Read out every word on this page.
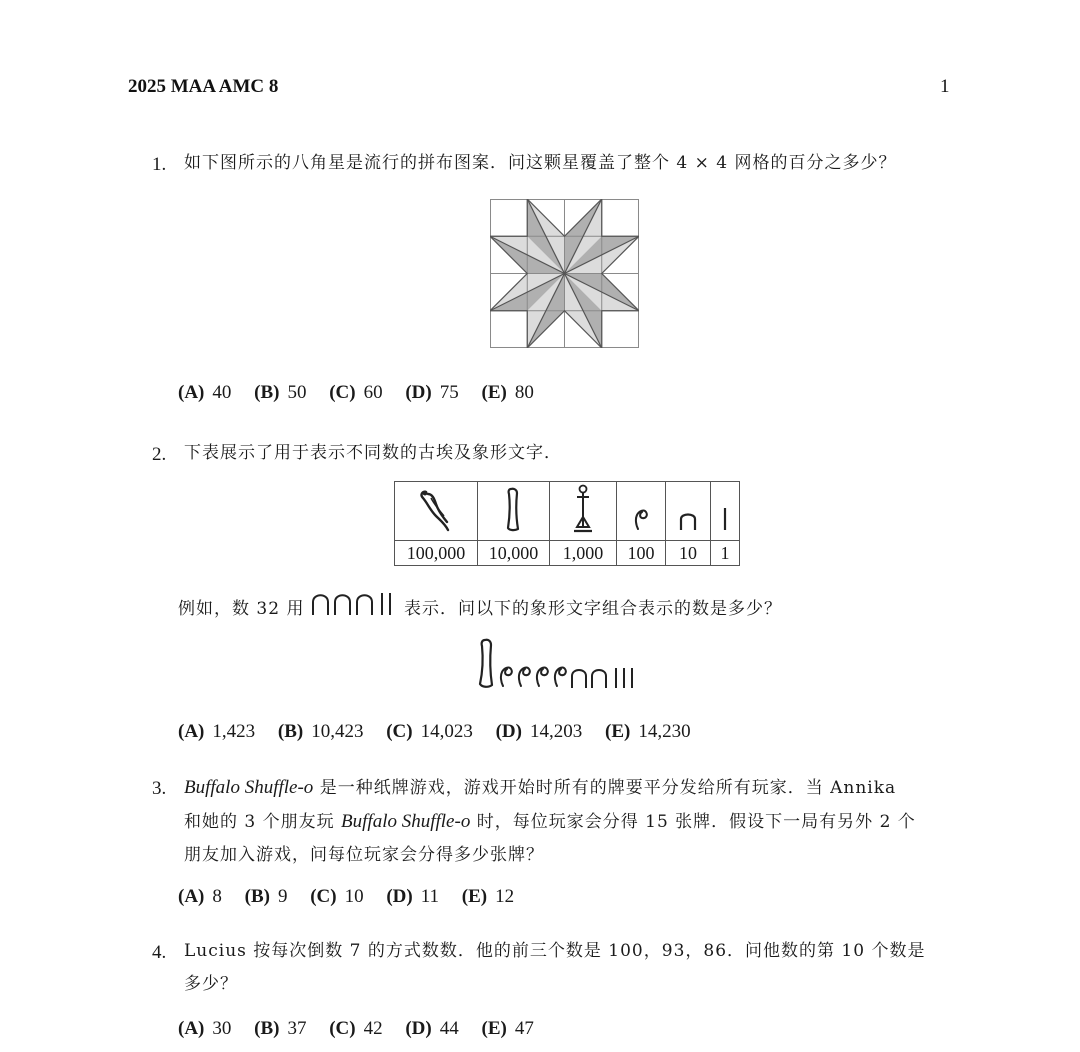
2025 MAA AMC 8	1
1. 如下图所示的八角星是流行的拼布图案．问这颗星覆盖了整个 4 × 4 网格的百分之多少？
(A) 40 (B) 50 (C) 60 (D) 75 (E) 80
2. 下表展示了用于表示不同数的古埃及象形文字．

100,000	10,000	1,000	100	10	1
例如，数 32 用	表示．问以下的象形文字组合表示的数是多少？
(A) 1,423 (B) 10,423 (C) 14,023 (D) 14,203 (E) 14,230
3. Buffalo Shuffle-o 是一种纸牌游戏，游戏开始时所有的牌要平分发给所有玩家．当 Annika
和她的 3 个朋友玩 Buffalo Shuffle-o 时，每位玩家会分得 15 张牌．假设下一局有另外 2 个
朋友加入游戏，问每位玩家会分得多少张牌？
(A) 8 (B) 9 (C) 10 (D) 11 (E) 12
4. Lucius 按每次倒数 7 的方式数数．他的前三个数是 100，93，86．问他数的第 10 个数是
多少？
(A) 30 (B) 37 (C) 42 (D) 44 (E) 47
